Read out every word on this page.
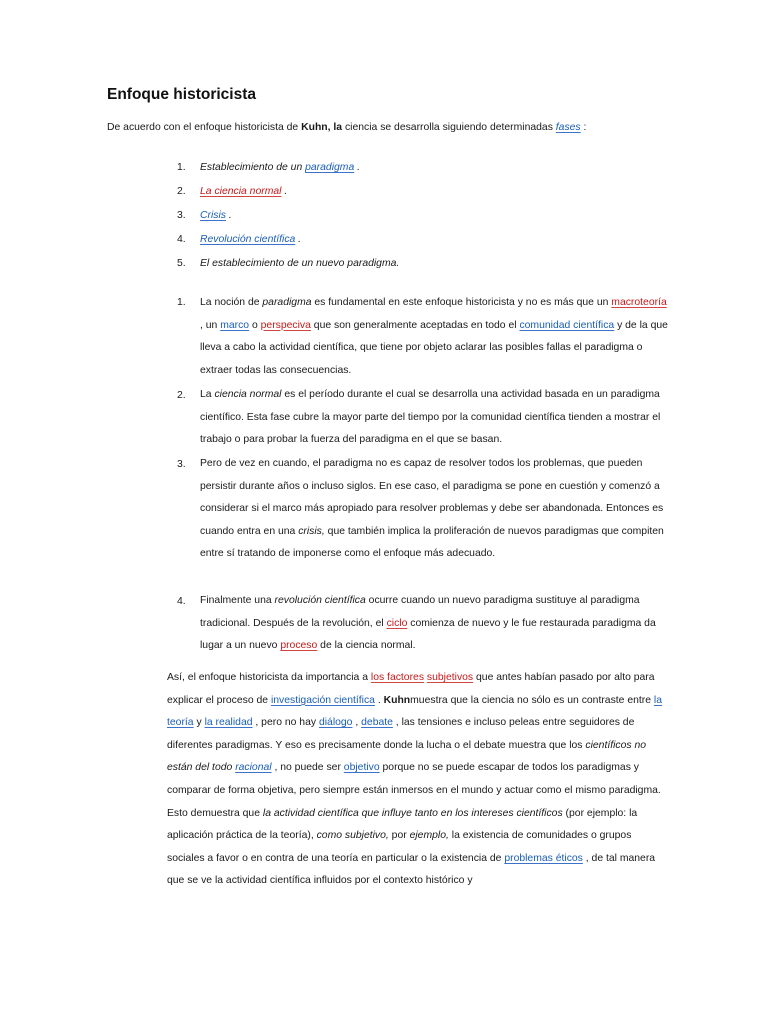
Enfoque historicista
De acuerdo con el enfoque historicista de Kuhn, la ciencia se desarrolla siguiendo determinadas fases :
1. Establecimiento de un paradigma .
2. La ciencia normal .
3. Crisis .
4. Revolución científica .
5. El establecimiento de un nuevo paradigma.
1. La noción de paradigma es fundamental en este enfoque historicista y no es más que un macroteoría , un marco o perspeciva que son generalmente aceptadas en todo el comunidad científica y de la que lleva a cabo la actividad científica, que tiene por objeto aclarar las posibles fallas el paradigma o extraer todas las consecuencias.
2. La ciencia normal es el período durante el cual se desarrolla una actividad basada en un paradigma científico. Esta fase cubre la mayor parte del tiempo por la comunidad científica tienden a mostrar el trabajo o para probar la fuerza del paradigma en el que se basan.
3. Pero de vez en cuando, el paradigma no es capaz de resolver todos los problemas, que pueden persistir durante años o incluso siglos. En ese caso, el paradigma se pone en cuestión y comenzó a considerar si el marco más apropiado para resolver problemas y debe ser abandonada. Entonces es cuando entra en una crisis, que también implica la proliferación de nuevos paradigmas que compiten entre sí tratando de imponerse como el enfoque más adecuado.
4. Finalmente una revolución científica ocurre cuando un nuevo paradigma sustituye al paradigma tradicional. Después de la revolución, el ciclo comienza de nuevo y le fue restaurada paradigma da lugar a un nuevo proceso de la ciencia normal.
Así, el enfoque historicista da importancia a los factores subjetivos que antes habían pasado por alto para explicar el proceso de investigación científica . Kuhnmuestra que la ciencia no sólo es un contraste entre la teoría y la realidad , pero no hay diálogo , debate , las tensiones e incluso peleas entre seguidores de diferentes paradigmas. Y eso es precisamente donde la lucha o el debate muestra que los científicos no están del todo racional , no puede ser objetivo porque no se puede escapar de todos los paradigmas y comparar de forma objetiva, pero siempre están inmersos en el mundo y actuar como el mismo paradigma. Esto demuestra que la actividad científica que influye tanto en los intereses científicos (por ejemplo: la aplicación práctica de la teoría), como subjetivo, por ejemplo, la existencia de comunidades o grupos sociales a favor o en contra de una teoría en particular o la existencia de problemas éticos , de tal manera que se ve la actividad científica influidos por el contexto histórico y
